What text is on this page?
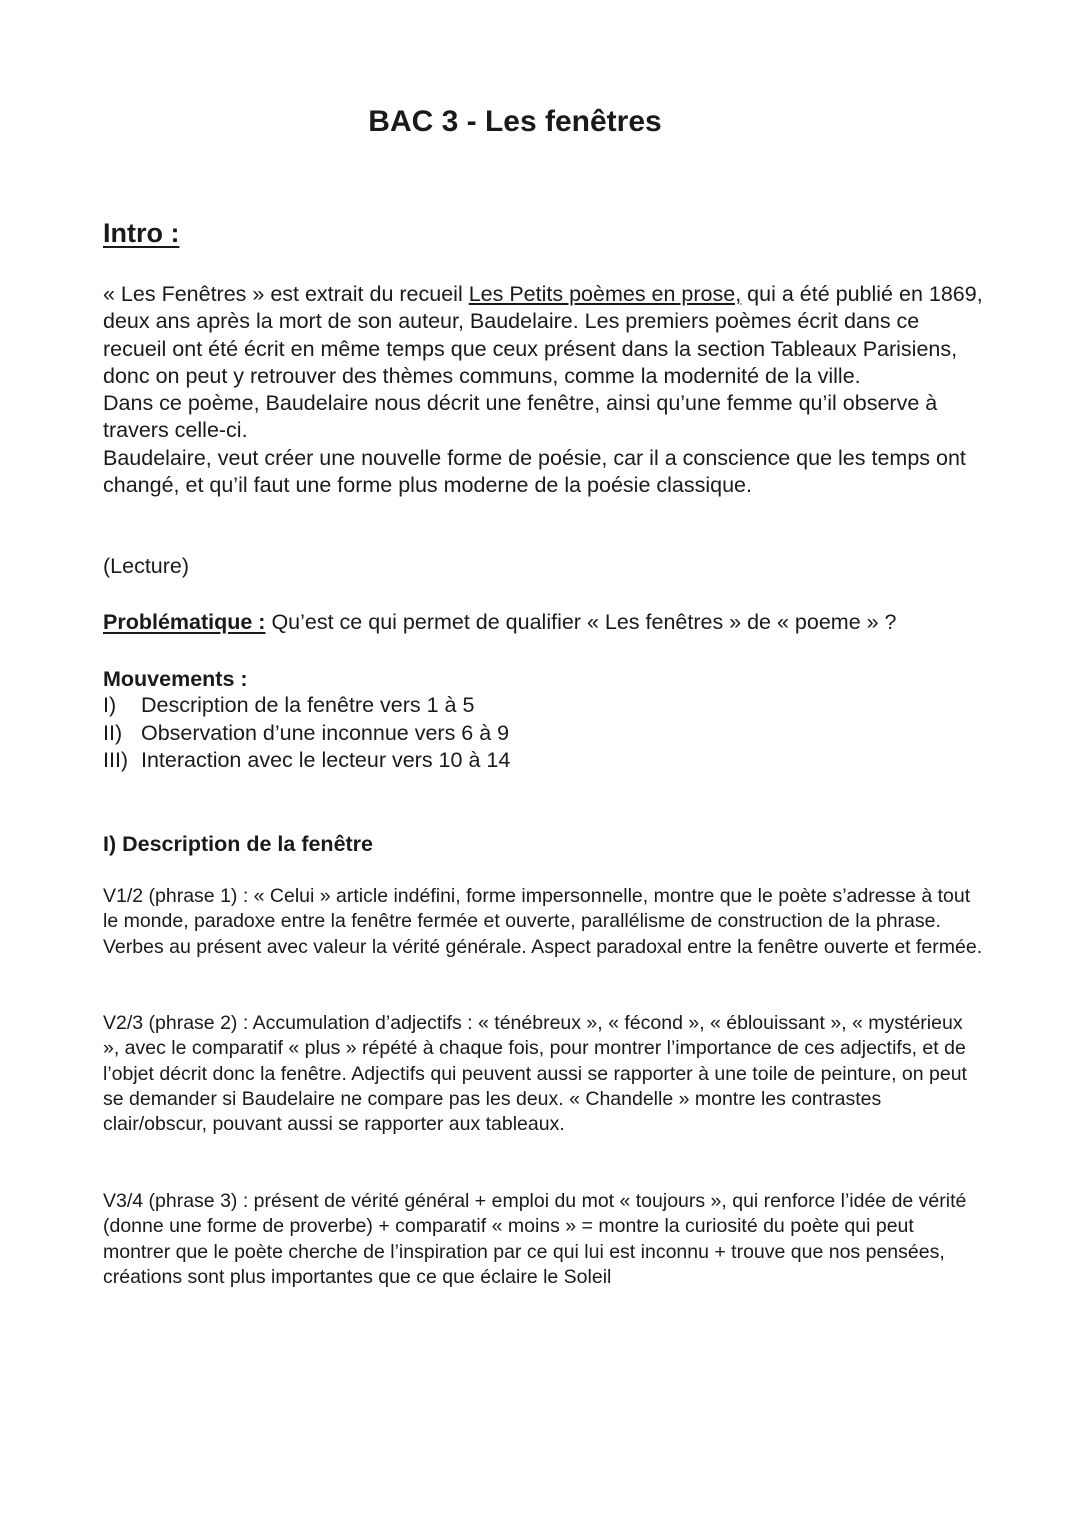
BAC 3 - Les fenêtres
Intro :

« Les Fenêtres » est extrait du recueil Les Petits poèmes en prose, qui a été publié en 1869, deux ans après la mort de son auteur, Baudelaire. Les premiers poèmes écrit dans ce recueil ont été écrit en même temps que ceux présent dans la section Tableaux Parisiens, donc on peut y retrouver des thèmes communs, comme la modernité de la ville.

Dans ce poème, Baudelaire nous décrit une fenêtre, ainsi qu’une femme qu’il observe à travers celle-ci.

Baudelaire, veut créer une nouvelle forme de poésie, car il a conscience que les temps ont changé, et qu’il faut une forme plus moderne de la poésie classique.

(Lecture)
Problématique : Qu’est ce qui permet de qualifier « Les fenêtres » de « poeme » ?
Mouvements :
I)	Description de la fenêtre vers 1 à 5
II) Observation d’une inconnue vers 6 à 9
III) Interaction avec le lecteur vers 10 à 14
I) Description de la fenêtre

V1/2 (phrase 1) : « Celui » article indéfini, forme impersonnelle, montre que le poète s’adresse à tout le monde, paradoxe entre la fenêtre fermée et ouverte, parallélisme de construction de la phrase. Verbes au présent avec valeur la vérité générale. Aspect paradoxal entre la fenêtre ouverte et fermée.

V2/3 (phrase 2) : Accumulation d’adjectifs : « ténébreux », « fécond », « éblouissant », « mystérieux », avec le comparatif « plus » répété à chaque fois, pour montrer l’importance de ces adjectifs, et de l’objet décrit donc la fenêtre. Adjectifs qui peuvent aussi se rapporter à une toile de peinture, on peut se demander si Baudelaire ne compare pas les deux. « Chandelle » montre les contrastes clair/obscur, pouvant aussi se rapporter aux tableaux.

V3/4 (phrase 3) : présent de vérité général + emploi du mot « toujours », qui renforce l’idée de vérité (donne une forme de proverbe) + comparatif « moins » = montre la curiosité du poète qui peut montrer que le poète cherche de l’inspiration par ce qui lui est inconnu + trouve que nos pensées, créations sont plus importantes que ce que éclaire le Soleil
